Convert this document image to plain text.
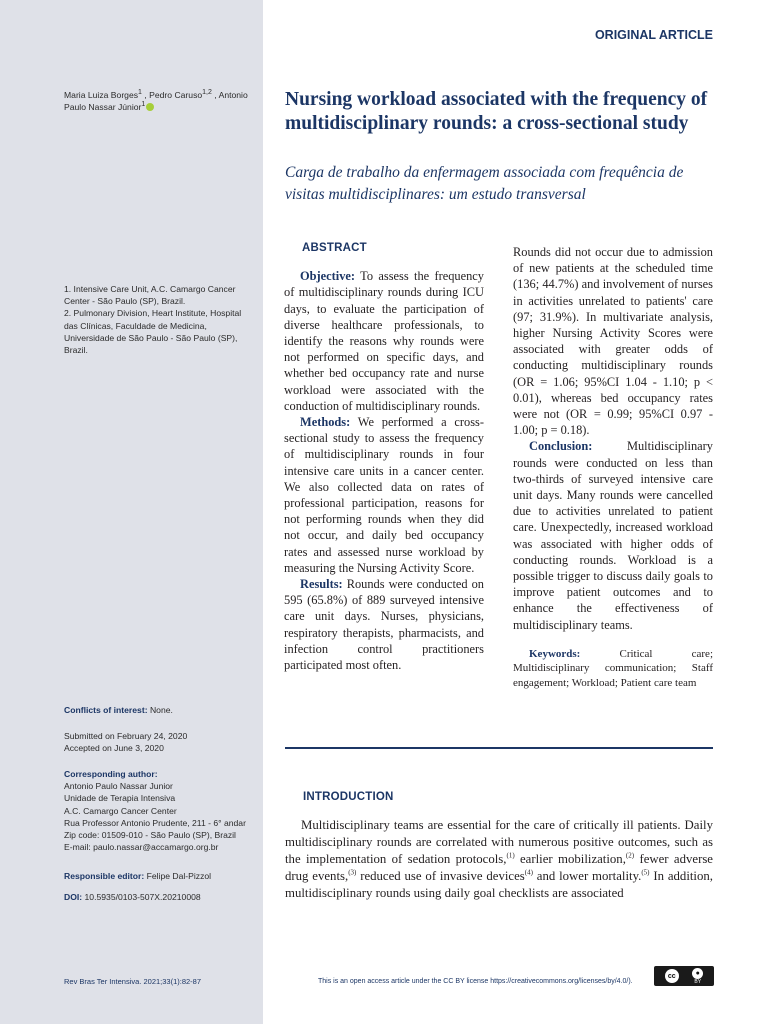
Maria Luiza Borges$^1$ , Pedro Caruso$^{1,2}$ , Antonio Paulo Nassar Júnior$^1$

1. Intensive Care Unit, A.C. Camargo Cancer Center - São Paulo (SP), Brazil.

2. Pulmonary Division, Heart Institute, Hospital das Clínicas, Faculdade de Medicina, Universidade de São Paulo - São Paulo (SP), Brazil.

Conflicts of interest: None.

Submitted on February 24, 2020

Accepted on June 3, 2020

Corresponding author:

Antonio Paulo Nassar Junior

Unidade de Terapia Intensiva

A.C. Camargo Cancer Center

Rua Professor Antonio Prudente, 211 - 6° andar

Zip code: 01509-010 - São Paulo (SP), Brazil

E-mail: paulo.nassar@accamargo.org.br

Responsible editor: Felipe Dal-Pizzol
DOI: 10.5935/0103-507X.20210008
ORIGINAL ARTICLE
Nursing workload associated with the frequency of multidisciplinary rounds: a cross-sectional study

Carga de trabalho da enfermagem associada com frequência de visitas multidisciplinares: um estudo transversal

ABSTRACT

Objective: To assess the frequency of multidisciplinary rounds during ICU days, to evaluate the participation of diverse healthcare professionals, to identify the reasons why rounds were not performed on specific days, and whether bed occupancy rate and nurse workload were associated with the conduction of multidisciplinary rounds.

Methods: We performed a cross-sectional study to assess the frequency of multidisciplinary rounds in four intensive care units in a cancer center. We also collected data on rates of professional participation, reasons for not performing rounds when they did not occur, and daily bed occupancy rates and assessed nurse workload by measuring the Nursing Activity Score.

Results: Rounds were conducted on 595 (65.8%) of 889 surveyed intensive care unit days. Nurses, physicians, respiratory therapists, pharmacists, and infection control practitioners participated most often.

Rounds did not occur due to admission of new patients at the scheduled time (136; 44.7%) and involvement of nurses in activities unrelated to patients' care (97; 31.9%). In multivariate analysis, higher Nursing Activity Scores were associated with greater odds of conducting multidisciplinary rounds (OR = 1.06; 95%CI 1.04 - 1.10; p < 0.01), whereas bed occupancy rates were not (OR = 0.99; 95%CI 0.97 - 1.00; p = 0.18).

Conclusion:	Multidisciplinary rounds were conducted on less than two-thirds of surveyed intensive care unit days. Many rounds were cancelled due to activities unrelated to patient care. Unexpectedly, increased workload was associated with higher odds of conducting rounds. Workload is a possible trigger to discuss daily goals to improve patient outcomes and to enhance the effectiveness of multidisciplinary teams.

Keywords:	Critical care; Multidisciplinary communication; Staff engagement; Workload; Patient care team

INTRODUCTION

Multidisciplinary teams are essential for the care of critically ill patients. Daily multidisciplinary rounds are correlated with numerous positive outcomes, such as the implementation of sedation protocols,$^{(1)}$ earlier mobilization,$^{(2)}$ fewer adverse drug events,$^{(3)}$ reduced use of invasive devices$^{(4)}$ and lower mortality.$^{(5)}$ In addition, multidisciplinary rounds using daily goal checklists are associated

Rev Bras Ter Intensiva. 2021;33(1):82-87	This is an open access article under the CC BY license https://creativecommons.org/licenses/by/4.0/).
cc	●
BY
